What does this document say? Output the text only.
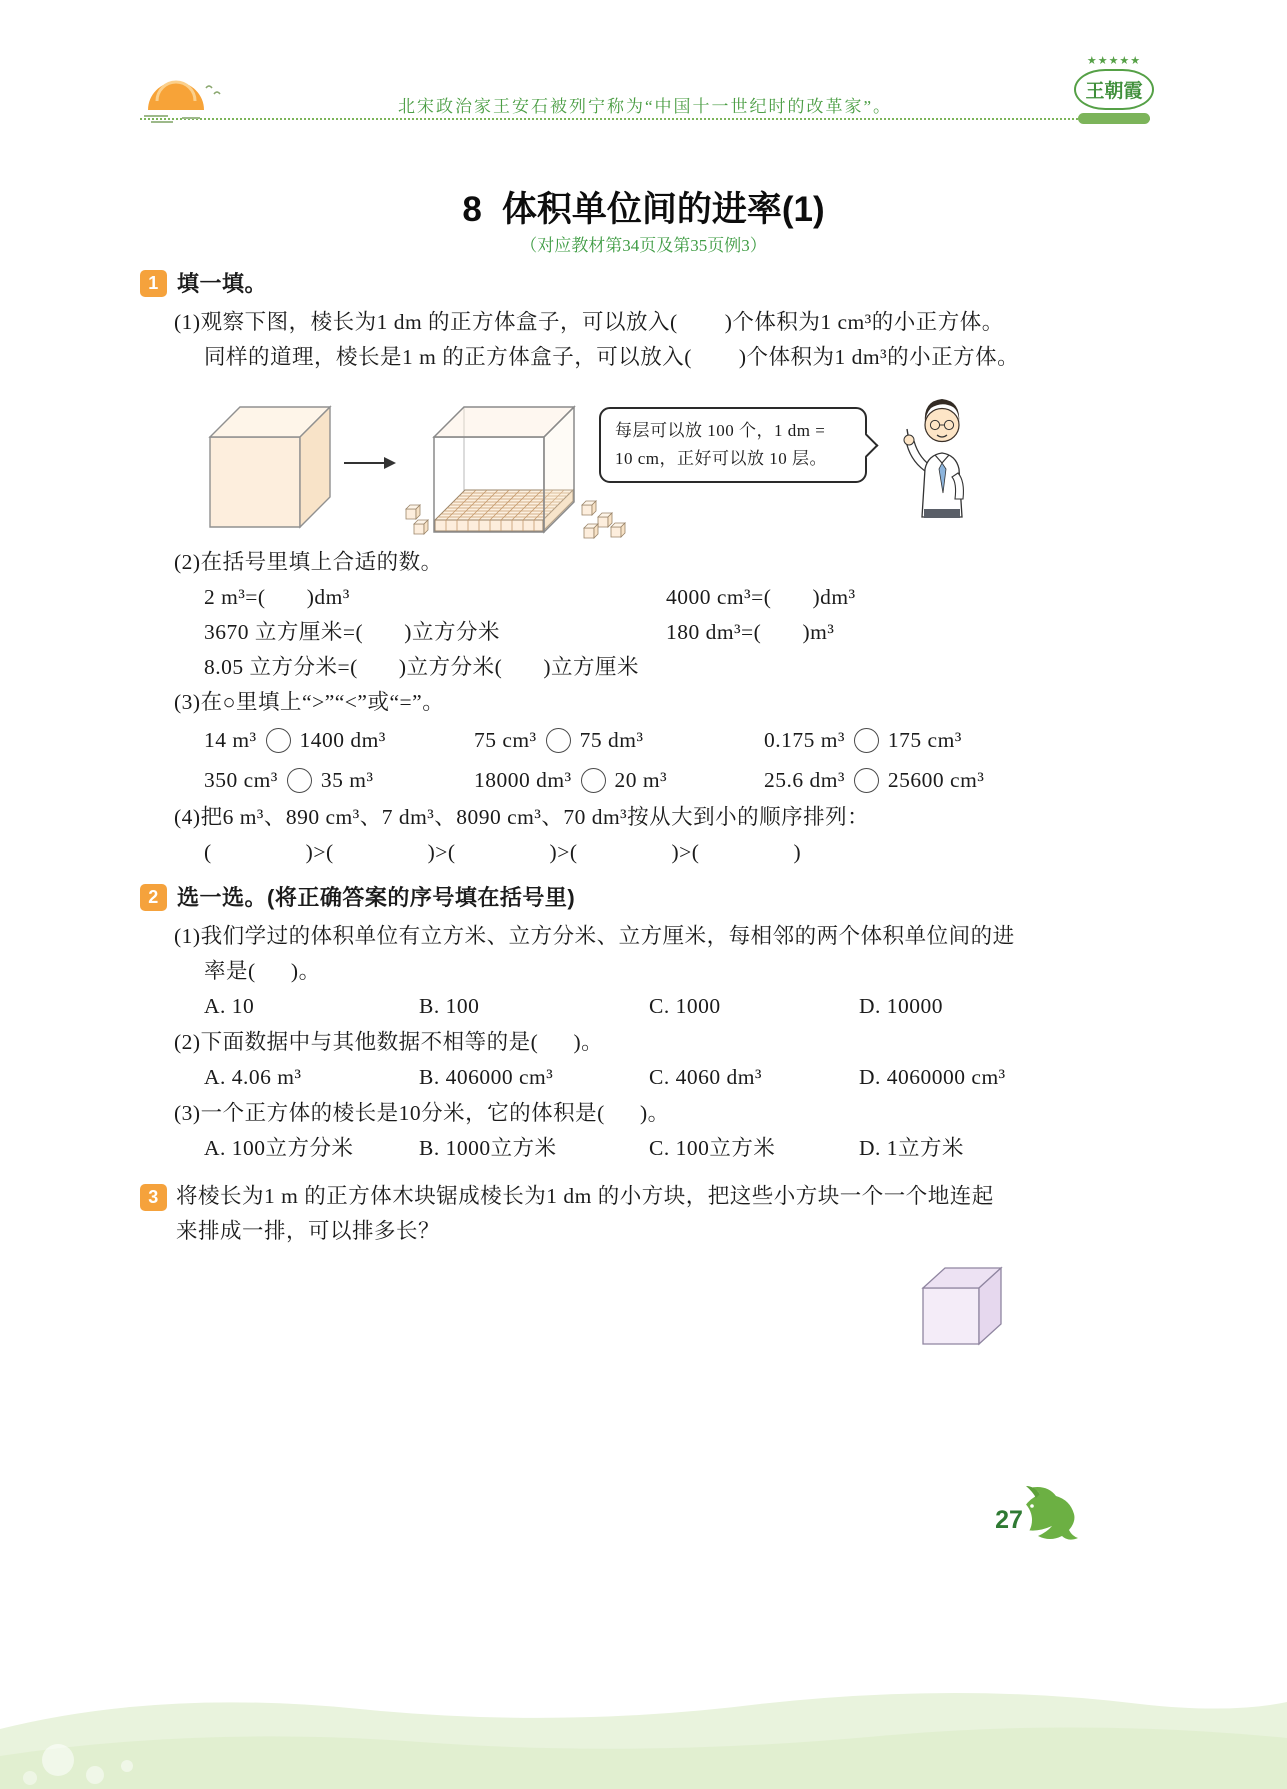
北宋政治家王安石被列宁称为“中国十一世纪时的改革家”。
★★★★★
王朝霞
8 体积单位间的进率(1)
（对应教材第34页及第35页例3）
1 填一填。
(1)观察下图，棱长为1 dm 的正方体盒子，可以放入(        )个体积为1 cm³的小正方体。
同样的道理，棱长是1 m 的正方体盒子，可以放入(        )个体积为1 dm³的小正方体。
每层可以放 100 个，1 dm =
10 cm，正好可以放 10 层。
(2)在括号里填上合适的数。
2 m³=(       )dm³	4000 cm³=(       )dm³
3670 立方厘米=(       )立方分米	180 dm³=(       )m³
8.05 立方分米=(       )立方分米(       )立方厘米
(3)在○里填上“>”“<”或“=”。
14 m³ 1400 dm³	75 cm³ 75 dm³	0.175 m³ 175 cm³
350 cm³ 35 m³	18000 dm³ 20 m³	25.6 dm³ 25600 cm³
(4)把6 m³、890 cm³、7 dm³、8090 cm³、70 dm³按从大到小的顺序排列：
(                )>(                )>(                )>(                )>(                )
2 选一选。(将正确答案的序号填在括号里)
(1)我们学过的体积单位有立方米、立方分米、立方厘米，每相邻的两个体积单位间的进
率是(      )。
A. 10	B. 100	C. 1000	D. 10000
(2)下面数据中与其他数据不相等的是(      )。
A. 4.06 m³	B. 406000 cm³	C. 4060 dm³	D. 4060000 cm³
(3)一个正方体的棱长是10分米，它的体积是(      )。
A. 100立方分米	B. 1000立方米	C. 100立方米	D. 1立方米
3 将棱长为1 m 的正方体木块锯成棱长为1 dm 的小方块，把这些小方块一个一个地连起
来排成一排，可以排多长？
27
